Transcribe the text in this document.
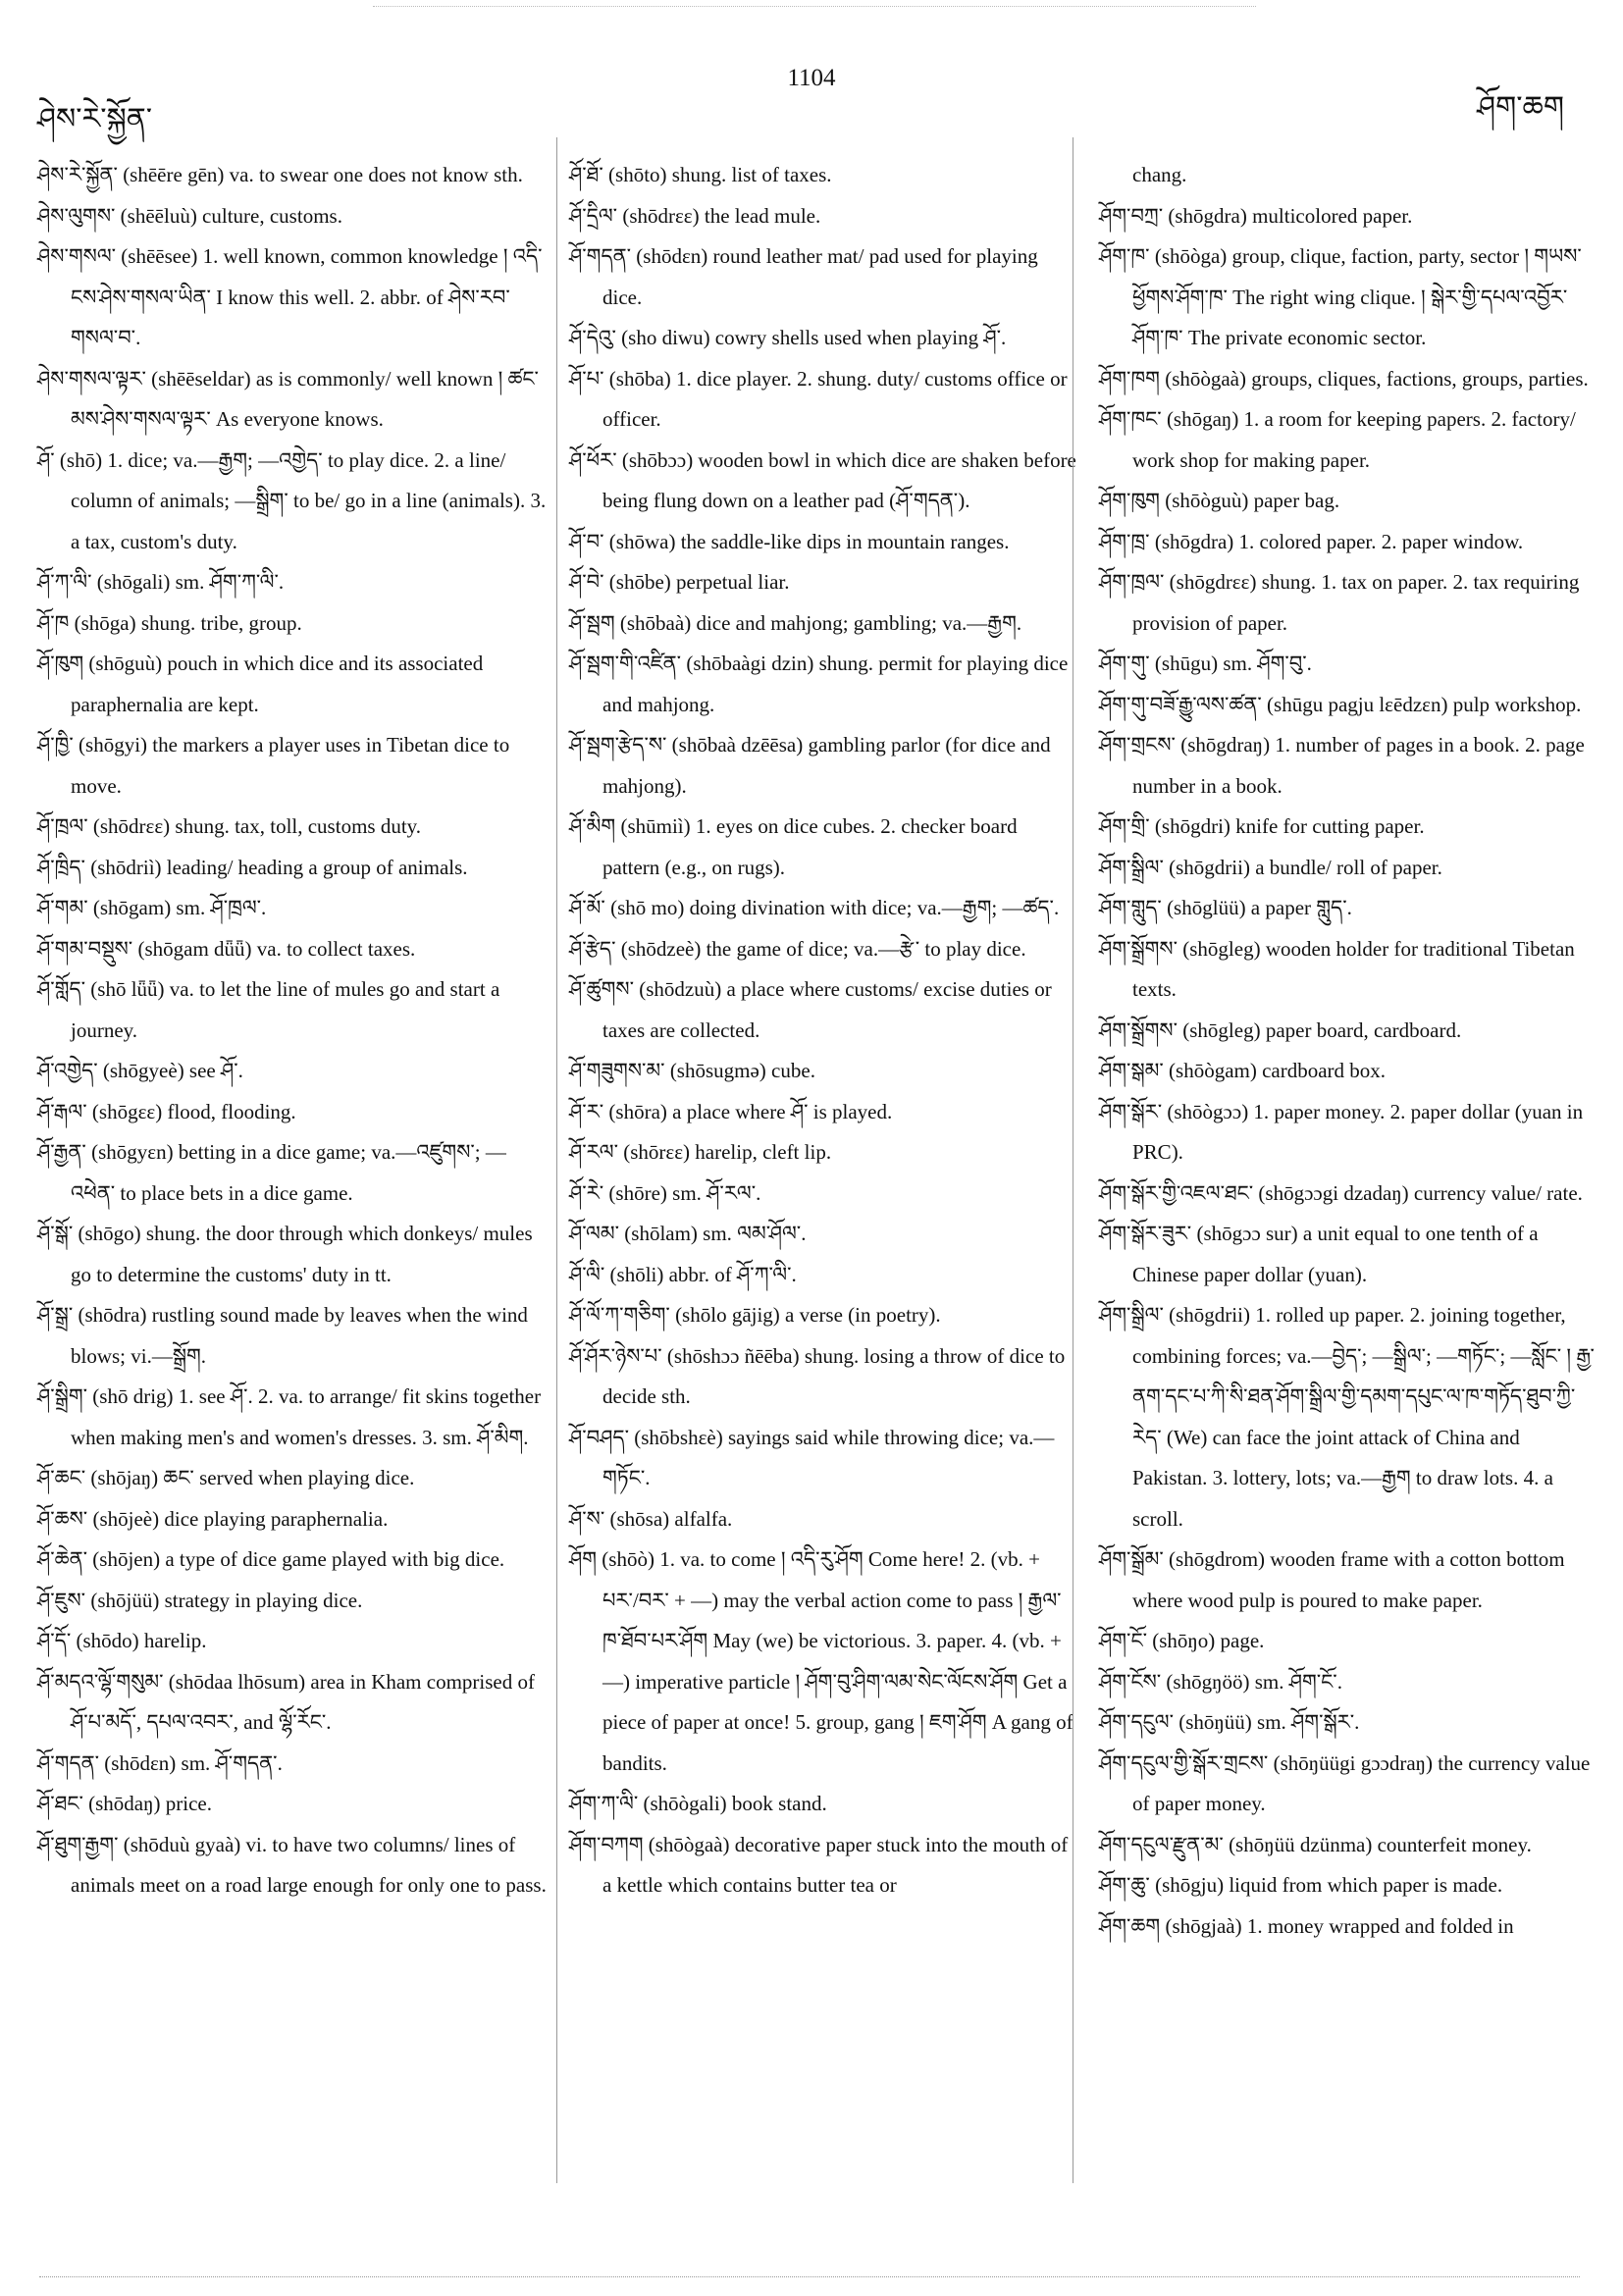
ཤེས་རེ་སྐྱོན་
1104
ཤོག་ཆག

ཤེས་རེ་སྐྱོན་ (shēēre gēn) va. to swear one does not know sth.

ཤེས་ལུགས་ (shēēluù) culture, customs.

ཤེས་གསལ་ (shēēsee) 1. well known, common knowledge ། འདི་ངས་ཤེས་གསལ་ཡིན་ I know this well. 2. abbr. of ཤེས་རབ་གསལ་བ་.

ཤེས་གསལ་ལྟར་ (shēēseldar) as is commonly/ well known ། ཚང་མས་ཤེས་གསལ་ལྟར་ As everyone knows.

ཤོ་ (shō) 1. dice; va.—རྒྱག; —འགྱེད་ to play dice. 2. a line/ column of animals; —སྒྲིག་ to be/ go in a line (animals). 3. a tax, custom's duty.

ཤོ་ཀ་ལི་ (shōgali) sm. ཤོག་ཀ་ལི་.

ཤོ་ཁ (shōga) shung. tribe, group.

ཤོ་ཁུག (shōguù) pouch in which dice and its associated paraphernalia are kept.

ཤོ་ཁྱི་ (shōgyi) the markers a player uses in Tibetan dice to move.

ཤོ་ཁྲལ་ (shōdrɛɛ) shung. tax, toll, customs duty.

ཤོ་ཁྲིད་ (shōdriì) leading/ heading a group of animals.

ཤོ་གམ་ (shōgam) sm. ཤོ་ཁྲལ་.

ཤོ་གམ་བསྡུས་ (shōgam dǖǖ) va. to collect taxes.

ཤོ་གློད་ (shō lǖǖ) va. to let the line of mules go and start a journey.

ཤོ་འགྱེད་ (shōgyeè) see ཤོ་.

ཤོ་རྒལ་ (shōgɛɛ) flood, flooding.

ཤོ་རྒྱན་ (shōgyɛn) betting in a dice game; va.—འཛུགས་; —འཕེན་ to place bets in a dice game.

ཤོ་སྒོ་ (shōgo) shung. the door through which donkeys/ mules go to determine the customs' duty in tt.

ཤོ་སྒྲ་ (shōdra) rustling sound made by leaves when the wind blows; vi.—སྒྲོག.

ཤོ་སྒྲིག་ (shō drig) 1. see ཤོ་. 2. va. to arrange/ fit skins together when making men's and women's dresses. 3. sm. ཤོ་མིག.

ཤོ་ཆང་ (shōjaŋ) ཆང་ served when playing dice.

ཤོ་ཆས་ (shōjeè) dice playing paraphernalia.

ཤོ་ཆེན་ (shōjen) a type of dice game played with big dice.

ཤོ་ཇུས་ (shōjüü) strategy in playing dice.

ཤོ་དོ་ (shōdo) harelip.

ཤོ་མདའ་ལྷོ་གསུམ་ (shōdaa lhōsum) area in Kham comprised of ཤོ་པ་མདོ་, དཔལ་འབར་, and ལྷོ་རོང་.

ཤོ་གདན་ (shōdɛn) sm. ཤོ་གདན་.

ཤོ་ཐང་ (shōdaŋ) price.

ཤོ་ཐུག་རྒྱག་ (shōduù gyaà) vi. to have two columns/ lines of animals meet on a road large enough for only one to pass.

ཤོ་ཐོ་ (shōto) shung. list of taxes.

ཤོ་དྲིལ་ (shōdrɛɛ) the lead mule.

ཤོ་གདན་ (shōdɛn) round leather mat/ pad used for playing dice.

ཤོ་དེའུ་ (sho diwu) cowry shells used when playing ཤོ་.

ཤོ་པ་ (shōba) 1. dice player. 2. shung. duty/ customs office or officer.

ཤོ་ཕོར་ (shōbɔɔ) wooden bowl in which dice are shaken before being flung down on a leather pad (ཤོ་གདན་).

ཤོ་བ་ (shōwa) the saddle-like dips in mountain ranges.

ཤོ་བེ་ (shōbe) perpetual liar.

ཤོ་སྦག (shōbaà) dice and mahjong; gambling; va.—རྒྱག.

ཤོ་སྦག་གི་འཛིན་ (shōbaàgi dzin) shung. permit for playing dice and mahjong.

ཤོ་སྦག་རྩེད་ས་ (shōbaà dzēēsa) gambling parlor (for dice and mahjong).

ཤོ་མིག (shūmiì) 1. eyes on dice cubes. 2. checker board pattern (e.g., on rugs).

ཤོ་མོ་ (shō mo) doing divination with dice; va.—རྒྱག; —ཚད་.

ཤོ་རྩེད་ (shōdzeè) the game of dice; va.—རྩེ་ to play dice.

ཤོ་ཚུགས་ (shōdzuù) a place where customs/ excise duties or taxes are collected.

ཤོ་གཟུགས་མ་ (shōsugmə) cube.

ཤོ་ར་ (shōra) a place where ཤོ་ is played.

ཤོ་རལ་ (shōrɛɛ) harelip, cleft lip.

ཤོ་རེ་ (shōre) sm. ཤོ་རལ་.

ཤོ་ལམ་ (shōlam) sm. ལམ་ཤོལ་.

ཤོ་ལི་ (shōli) abbr. of ཤོ་ཀ་ལི་.

ཤོ་ལོ་ཀ་གཅིག་ (shōlo gājig) a verse (in poetry).

ཤོ་ཤོར་ཉེས་པ་ (shōshɔɔ ñēēba) shung. losing a throw of dice to decide sth.

ཤོ་བཤད་ (shōbshɛè) sayings said while throwing dice; va.—གཏོང་.

ཤོ་ས་ (shōsa) alfalfa.

ཤོག (shōò) 1. va. to come ། འདི་རུ་ཤོག Come here! 2. (vb. + པར་/བར་ + —) may the verbal action come to pass ། རྒྱལ་ཁ་ཐོབ་པར་ཤོག May (we) be victorious. 3. paper. 4. (vb. + —) imperative particle ། ཤོག་བུ་ཤིག་ལམ་སེང་ལོངས་ཤོག Get a piece of paper at once! 5. group, gang ། ཇག་ཤོག A gang of bandits.

ཤོག་ཀ་ལི་ (shōògali) book stand.

ཤོག་བཀག (shōògaà) decorative paper stuck into the mouth of a kettle which contains butter tea or

chang.

ཤོག་བཀྲ་ (shōgdra) multicolored paper.

ཤོག་ཁ་ (shōòga) group, clique, faction, party, sector ། གཡས་ཕྱོགས་ཤོག་ཁ་ The right wing clique. ། སྒེར་གྱི་དཔལ་འབྱོར་ཤོག་ཁ་ The private economic sector.

ཤོག་ཁག (shōògaà) groups, cliques, factions, groups, parties.

ཤོག་ཁང་ (shōgaŋ) 1. a room for keeping papers. 2. factory/ work shop for making paper.

ཤོག་ཁུག (shōòguù) paper bag.

ཤོག་ཁྲ་ (shōgdra) 1. colored paper. 2. paper window.

ཤོག་ཁྲལ་ (shōgdrɛɛ) shung. 1. tax on paper. 2. tax requiring provision of paper.

ཤོག་གུ་ (shūgu) sm. ཤོག་བུ་.

ཤོག་གུ་བཟོ་རྒྱུ་ལས་ཚན་ (shūgu pagju lɛēdzɛn) pulp workshop.

ཤོག་གྲངས་ (shōgdraŋ) 1. number of pages in a book. 2. page number in a book.

ཤོག་གྲི་ (shōgdri) knife for cutting paper.

ཤོག་སྒྲིལ་ (shōgdrii) a bundle/ roll of paper.

ཤོག་གླུད་ (shōglüü) a paper གླུད་.

ཤོག་སྒྲོགས་ (shōgleg) wooden holder for traditional Tibetan texts.

ཤོག་སྒྲོགས་ (shōgleg) paper board, cardboard.

ཤོག་སྒམ་ (shōògam) cardboard box.

ཤོག་སྒོར་ (shōògɔɔ) 1. paper money. 2. paper dollar (yuan in PRC).

ཤོག་སྒོར་གྱི་འཇལ་ཐང་ (shōgɔɔgi dzadaŋ) currency value/ rate.

ཤོག་སྒོར་ཟུར་ (shōgɔɔ sur) a unit equal to one tenth of a Chinese paper dollar (yuan).

ཤོག་སྒྲིལ་ (shōgdrii) 1. rolled up paper. 2. joining together, combining forces; va.—བྱེད་; —སྒྲིལ་; —གཏོང་; —སློང་ ། རྒྱ་ནག་དང་པ་ཀི་སི་ཐན་ཤོག་སྒྲིལ་གྱི་དམག་དཔུང་ལ་ཁ་གཏོད་ཐུབ་ཀྱི་རེད་ (We) can face the joint attack of China and Pakistan. 3. lottery, lots; va.—རྒྱག to draw lots. 4. a scroll.

ཤོག་སྒྲོམ་ (shōgdrom) wooden frame with a cotton bottom where wood pulp is poured to make paper.

ཤོག་ངོ་ (shōŋo) page.

ཤོག་ངོས་ (shōgŋöö) sm. ཤོག་ངོ་.

ཤོག་དངུལ་ (shōŋüü) sm. ཤོག་སྒོར་.

ཤོག་དངུལ་གྱི་སྒོར་གྲངས་ (shōŋüügi gɔɔdraŋ) the currency value of paper money.

ཤོག་དངུལ་རྫུན་མ་ (shōŋüü dzünma) counterfeit money.

ཤོག་ཆུ་ (shōgju) liquid from which paper is made.

ཤོག་ཆག (shōgjaà) 1. money wrapped and folded in
